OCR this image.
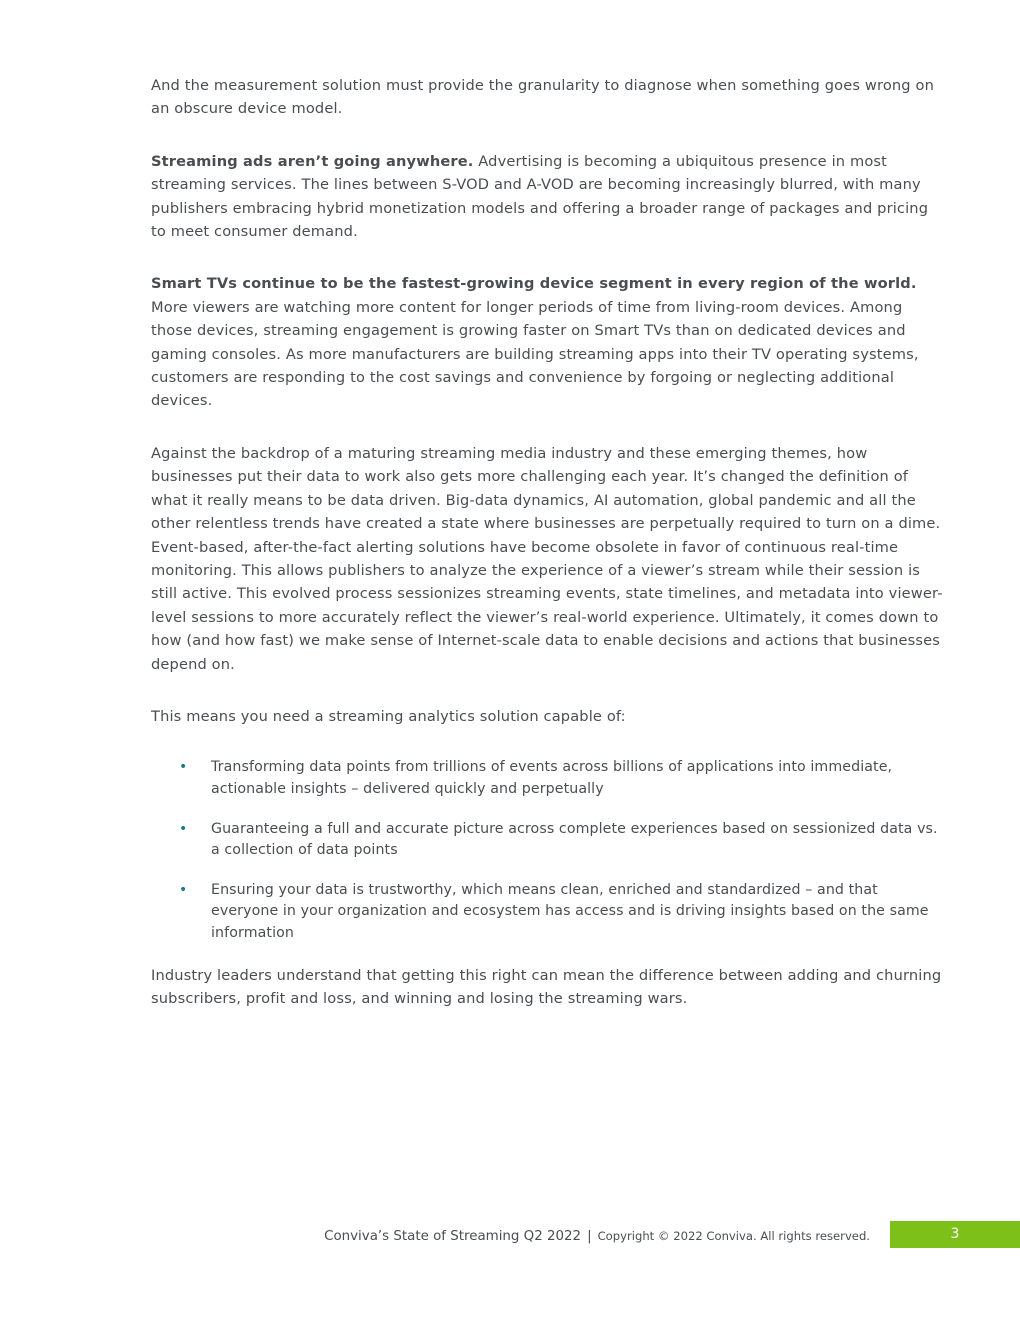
And the measurement solution must provide the granularity to diagnose when something goes wrong on an obscure device model.

Streaming ads aren’t going anywhere. Advertising is becoming a ubiquitous presence in most streaming services. The lines between S-VOD and A-VOD are becoming increasingly blurred, with many publishers embracing hybrid monetization models and offering a broader range of packages and pricing to meet consumer demand.

Smart TVs continue to be the fastest-growing device segment in every region of the world. More viewers are watching more content for longer periods of time from living-room devices. Among those devices, streaming engagement is growing faster on Smart TVs than on dedicated devices and gaming consoles. As more manufacturers are building streaming apps into their TV operating systems, customers are responding to the cost savings and convenience by forgoing or neglecting additional devices.

Against the backdrop of a maturing streaming media industry and these emerging themes, how businesses put their data to work also gets more challenging each year. It’s changed the definition of what it really means to be data driven. Big-data dynamics, AI automation, global pandemic and all the other relentless trends have created a state where businesses are perpetually required to turn on a dime. Event-based, after-the-fact alerting solutions have become obsolete in favor of continuous real-time monitoring. This allows publishers to analyze the experience of a viewer’s stream while their session is still active. This evolved process sessionizes streaming events, state timelines, and metadata into viewer-level sessions to more accurately reflect the viewer’s real-world experience. Ultimately, it comes down to how (and how fast) we make sense of Internet-scale data to enable decisions and actions that businesses depend on.

This means you need a streaming analytics solution capable of:

• Transforming data points from trillions of events across billions of applications into immediate, actionable insights – delivered quickly and perpetually
• Guaranteeing a full and accurate picture across complete experiences based on sessionized data vs. a collection of data points
• Ensuring your data is trustworthy, which means clean, enriched and standardized – and that everyone in your organization and ecosystem has access and is driving insights based on the same information

Industry leaders understand that getting this right can mean the difference between adding and churning subscribers, profit and loss, and winning and losing the streaming wars.

Conviva’s State of Streaming Q2 2022 | Copyright © 2022 Conviva. All rights reserved.	3
